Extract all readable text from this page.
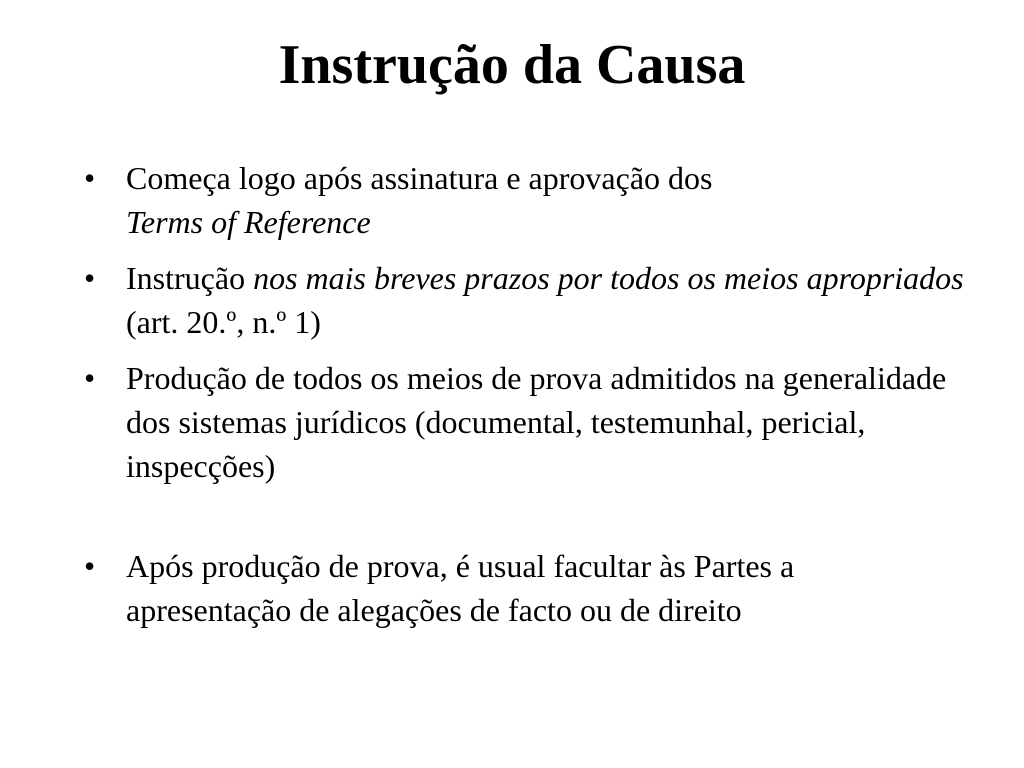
Instrução da Causa
• Começa logo após assinatura e aprovação dos
Terms of Reference
• Instrução nos mais breves prazos por todos os meios apropriados (art. 20.º, n.º 1)
• Produção de todos os meios de prova admitidos na generalidade dos sistemas jurídicos (documental, testemunhal, pericial, inspecções)
• Após produção de prova, é usual facultar às Partes a apresentação de alegações de facto ou de direito
